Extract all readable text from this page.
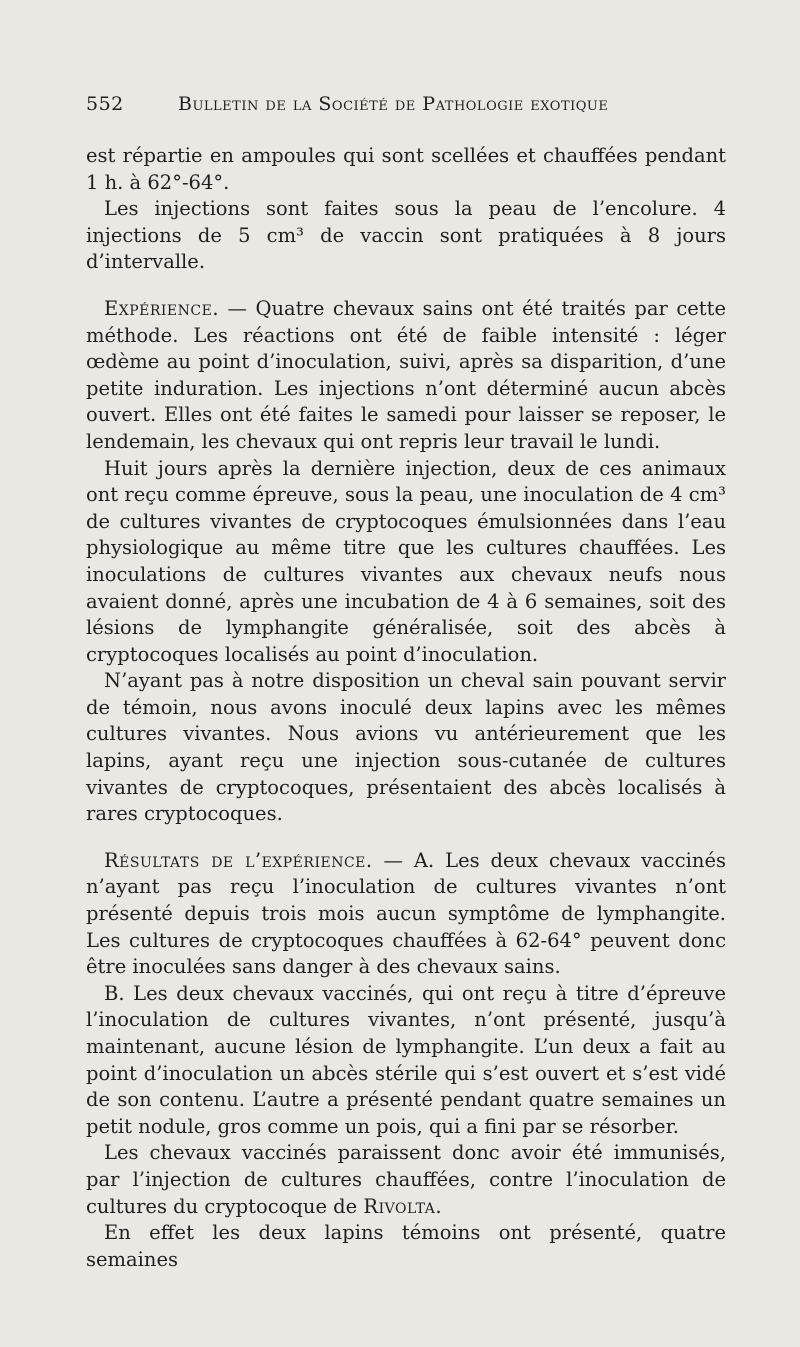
552	Bulletin de la Société de Pathologie exotique

est répartie en ampoules qui sont scellées et chauffées pendant 1 h. à 62°-64°.

Les injections sont faites sous la peau de l’encolure. 4 injections de 5 cm³ de vaccin sont pratiquées à 8 jours d’intervalle.

Expérience. — Quatre chevaux sains ont été traités par cette méthode. Les réactions ont été de faible intensité : léger œdème au point d’inoculation, suivi, après sa disparition, d’une petite induration. Les injections n’ont déterminé aucun abcès ouvert. Elles ont été faites le samedi pour laisser se reposer, le lendemain, les chevaux qui ont repris leur travail le lundi.

Huit jours après la dernière injection, deux de ces animaux ont reçu comme épreuve, sous la peau, une inoculation de 4 cm³ de cultures vivantes de cryptocoques émulsionnées dans l’eau physiologique au même titre que les cultures chauffées. Les inoculations de cultures vivantes aux chevaux neufs nous avaient donné, après une incubation de 4 à 6 semaines, soit des lésions de lymphangite généralisée, soit des abcès à cryptocoques localisés au point d’inoculation.

N’ayant pas à notre disposition un cheval sain pouvant servir de témoin, nous avons inoculé deux lapins avec les mêmes cultures vivantes. Nous avions vu antérieurement que les lapins, ayant reçu une injection sous-cutanée de cultures vivantes de cryptocoques, présentaient des abcès localisés à rares cryptocoques.

Résultats de l’expérience. — A. Les deux chevaux vaccinés n’ayant pas reçu l’inoculation de cultures vivantes n’ont présenté depuis trois mois aucun symptôme de lymphangite. Les cultures de cryptocoques chauffées à 62-64° peuvent donc être inoculées sans danger à des chevaux sains.

B. Les deux chevaux vaccinés, qui ont reçu à titre d’épreuve l’inoculation de cultures vivantes, n’ont présenté, jusqu’à maintenant, aucune lésion de lymphangite. L’un deux a fait au point d’inoculation un abcès stérile qui s’est ouvert et s’est vidé de son contenu. L’autre a présenté pendant quatre semaines un petit nodule, gros comme un pois, qui a fini par se résorber.

Les chevaux vaccinés paraissent donc avoir été immunisés, par l’injection de cultures chauffées, contre l’inoculation de cultures du cryptocoque de Rivolta.

En effet les deux lapins témoins ont présenté, quatre semaines
